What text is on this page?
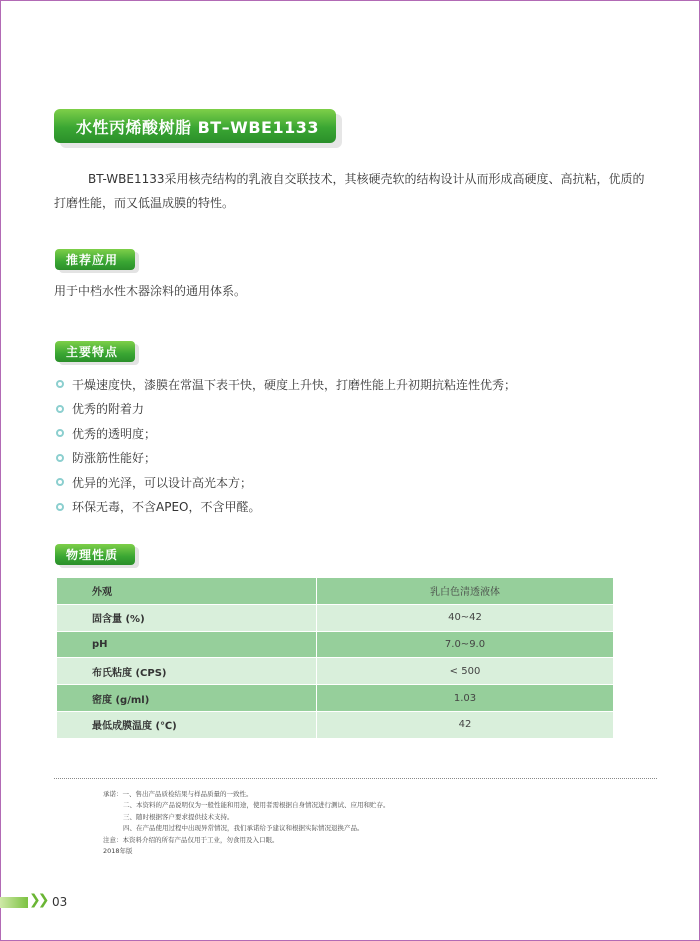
水性丙烯酸树脂 BT–WBE1133

BT-WBE1133采用核壳结构的乳液自交联技术，其核硬壳软的结构设计从而形成高硬度、高抗粘，优质的打磨性能，而又低温成膜的特性。

推荐应用

用于中档水性木器涂料的通用体系。

主要特点
干燥速度快，漆膜在常温下表干快，硬度上升快，打磨性能上升初期抗粘连性优秀；
优秀的附着力
优秀的透明度；
防涨筋性能好；
优异的光泽，可以设计高光本方；
环保无毒，不含APEO，不含甲醛。
物理性质
外观	乳白色清透液体
固含量 (%)	40~42
pH	7.0~9.0
布氏粘度 (CPS)	< 500
密度 (g/ml)	1.03
最低成膜温度 (℃)	42
承诺：一、售出产品质检结果与样品质量的一致性。
二、本资料的产品说明仅为一般性能和用途，使用者需根据自身情况进行测试、应用和贮存。
三、随时根据客户要求提供技术支持。
四、在产品使用过程中出现异常情况，我们承诺给予建议和根据实际情况退换产品。
注意：本资料介绍的所有产品仅用于工业，勿食用及入口眼。
2018年版
❯❯ 03
